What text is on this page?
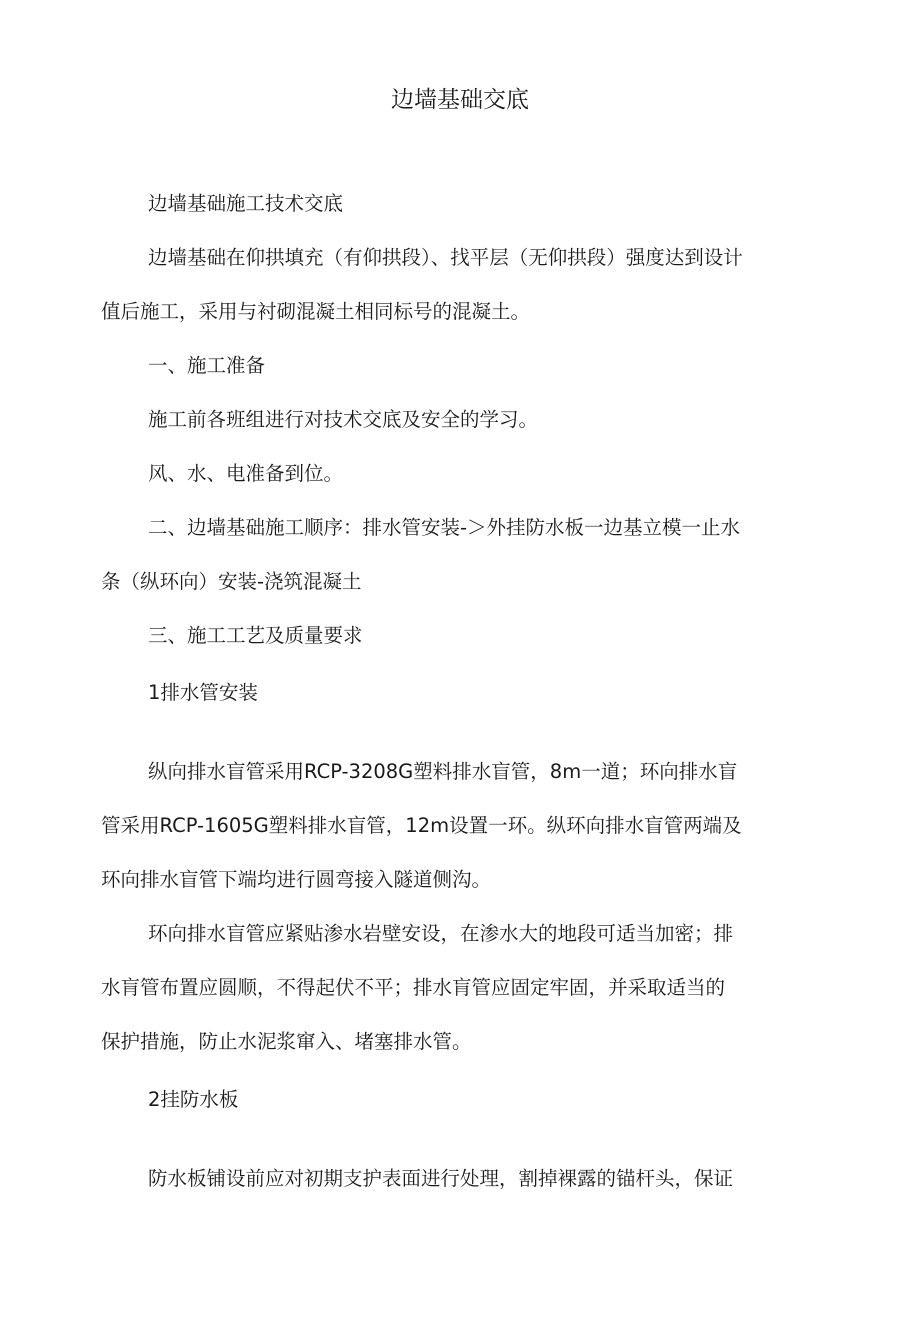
边墙基础交底
边墙基础施工技术交底
边墙基础在仰拱填充（有仰拱段）、找平层（无仰拱段）强度达到设计
值后施工，采用与衬砌混凝土相同标号的混凝土。
一、施工准备
施工前各班组进行对技术交底及安全的学习。
风、水、电准备到位。
二、边墙基础施工顺序：排水管安装-＞外挂防水板一边基立模一止水
条（纵环向）安装-浇筑混凝土
三、施工工艺及质量要求
1排水管安装
纵向排水盲管采用RCP-3208G塑料排水盲管，8m一道；环向排水盲
管采用RCP-1605G塑料排水盲管，12m设置一环。纵环向排水盲管两端及
环向排水盲管下端均进行圆弯接入隧道侧沟。
环向排水盲管应紧贴渗水岩壁安设，在渗水大的地段可适当加密；排
水肓管布置应圆顺，不得起伏不平；排水肓管应固定牢固，并采取适当的
保护措施，防止水泥浆窜入、堵塞排水管。
2挂防水板
防水板铺设前应对初期支护表面进行处理，割掉裸露的锚杆头，保证
